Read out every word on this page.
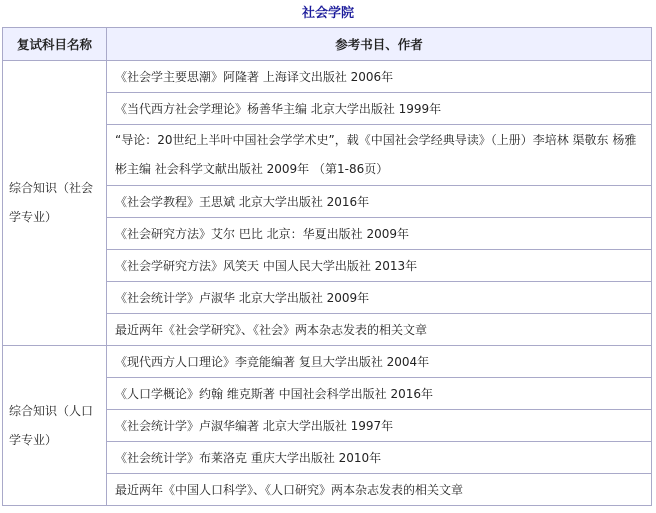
社会学院
复试科目名称	参考书目、作者
综合知识（社会学专业）	《社会学主要思潮》阿隆著 上海译文出版社 2006年
	《当代西方社会学理论》杨善华主编 北京大学出版社 1999年
	“导论：20世纪上半叶中国社会学学术史”，载《中国社会学经典导读》（上册）李培林 渠敬东 杨雅彬主编 社会科学文献出版社 2009年 （第1-86页）
	《社会学教程》王思斌 北京大学出版社 2016年
	《社会研究方法》艾尔 巴比 北京：华夏出版社 2009年
	《社会学研究方法》风笑天 中国人民大学出版社 2013年
	《社会统计学》卢淑华 北京大学出版社 2009年
	最近两年《社会学研究》、《社会》两本杂志发表的相关文章
综合知识（人口学专业）	《现代西方人口理论》李竞能编著 复旦大学出版社 2004年
	《人口学概论》约翰 维克斯著 中国社会科学出版社 2016年
	《社会统计学》卢淑华编著 北京大学出版社 1997年
	《社会统计学》布莱洛克 重庆大学出版社 2010年
	最近两年《中国人口科学》、《人口研究》两本杂志发表的相关文章
